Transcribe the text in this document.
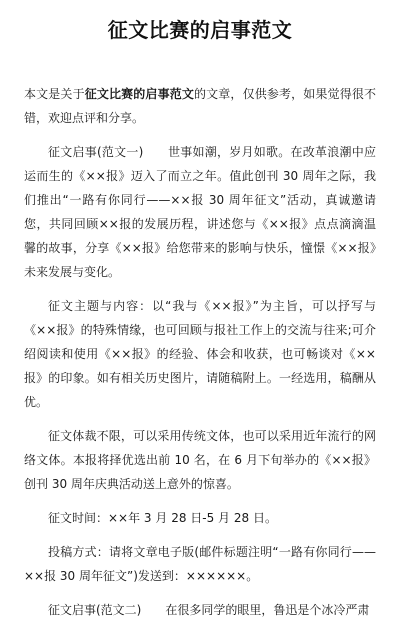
征文比赛的启事范文

本文是关于征文比赛的启事范文的文章，仅供参考，如果觉得很不错，欢迎点评和分享。

征文启事(范文一)　　世事如潮，岁月如歌。在改革浪潮中应运而生的《××报》迈入了而立之年。值此创刊 30 周年之际，我们推出“一路有你同行——××报 30 周年征文”活动，真诚邀请您，共同回顾××报的发展历程，讲述您与《××报》点点滴滴温馨的故事，分享《××报》给您带来的影响与快乐，憧憬《××报》未来发展与变化。

征文主题与内容：以“我与《××报》”为主旨，可以抒写与《××报》的特殊情缘，也可回顾与报社工作上的交流与往来;可介绍阅读和使用《××报》的经验、体会和收获，也可畅谈对《××报》的印象。如有相关历史图片，请随稿附上。一经选用，稿酬从优。

征文体裁不限，可以采用传统文体，也可以采用近年流行的网络文体。本报将择优选出前 10 名，在 6 月下旬举办的《××报》创刊 30 周年庆典活动送上意外的惊喜。

征文时间：××年 3 月 28 日-5 月 28 日。

投稿方式：请将文章电子版(邮件标题注明“一路有你同行——××报 30 周年征文”)发送到：××××××。

征文启事(范文二)　　在很多同学的眼里，鲁迅是个冰冷严肃
